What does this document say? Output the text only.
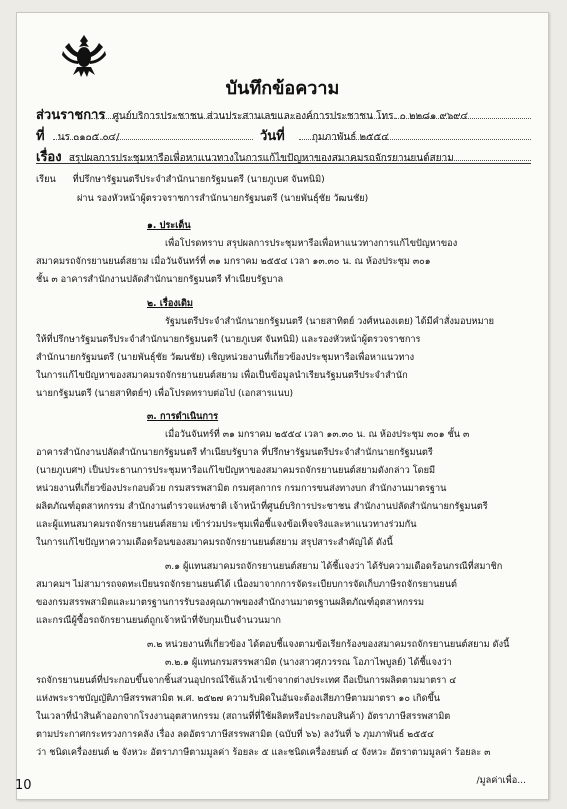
บันทึกข้อความ
ส่วนราชการ ศูนย์บริการประชาชน ส่วนประสานเลขและองค์การประชาชน โทร. ๐ ๒๒๘๑ ๙๖๙๔
ที่ นร ๐๑๐๕.๐๔/	วันที่	กุมภาพันธ์ ๒๕๕๔
เรื่อง สรุปผลการประชุมหารือเพื่อหาแนวทางในการแก้ไขปัญหาของสมาคมรถจักรยานยนต์สยาม
เรียน ที่ปรึกษารัฐมนตรีประจำสำนักนายกรัฐมนตรี (นายภูเบศ จันทนิมิ)
ผ่าน รองหัวหน้าผู้ตรวจราชการสำนักนายกรัฐมนตรี (นายพันธุ์ชัย วัฒนชัย)
๑. ประเด็น
เพื่อโปรดทราบ สรุปผลการประชุมหารือเพื่อหาแนวทางการแก้ไขปัญหาของ
สมาคมรถจักรยานยนต์สยาม เมื่อวันจันทร์ที่ ๓๑ มกราคม ๒๕๕๔ เวลา ๑๓.๓๐ น. ณ ห้องประชุม ๓๐๑
ชั้น ๓ อาคารสำนักงานปลัดสำนักนายกรัฐมนตรี ทำเนียบรัฐบาล
๒. เรื่องเดิม
รัฐมนตรีประจำสำนักนายกรัฐมนตรี (นายสาทิตย์ วงศ์หนองเตย) ได้มีคำสั่งมอบหมาย
ให้ที่ปรึกษารัฐมนตรีประจำสำนักนายกรัฐมนตรี (นายภูเบศ จันทนิมิ) และรองหัวหน้าผู้ตรวจราชการ
สำนักนายกรัฐมนตรี (นายพันธุ์ชัย วัฒนชัย) เชิญหน่วยงานที่เกี่ยวข้องประชุมหารือเพื่อหาแนวทาง
ในการแก้ไขปัญหาของสมาคมรถจักรยานยนต์สยาม เพื่อเป็นข้อมูลนำเรียนรัฐมนตรีประจำสำนัก
นายกรัฐมนตรี (นายสาทิตย์ฯ) เพื่อโปรดทราบต่อไป (เอกสารแนบ)
๓. การดำเนินการ
เมื่อวันจันทร์ที่ ๓๑ มกราคม ๒๕๕๔ เวลา ๑๓.๓๐ น. ณ ห้องประชุม ๓๐๑ ชั้น ๓
อาคารสำนักงานปลัดสำนักนายกรัฐมนตรี ทำเนียบรัฐบาล ที่ปรึกษารัฐมนตรีประจำสำนักนายกรัฐมนตรี
(นายภูเบศฯ) เป็นประธานการประชุมหารือแก้ไขปัญหาของสมาคมรถจักรยานยนต์สยามดังกล่าว โดยมี
หน่วยงานที่เกี่ยวข้องประกอบด้วย กรมสรรพสามิต กรมศุลกากร กรมการขนส่งทางบก สำนักงานมาตรฐาน
ผลิตภัณฑ์อุตสาหกรรม สำนักงานตำรวจแห่งชาติ เจ้าหน้าที่ศูนย์บริการประชาชน สำนักงานปลัดสำนักนายกรัฐมนตรี
และผู้แทนสมาคมรถจักรยานยนต์สยาม เข้าร่วมประชุมเพื่อชี้แจงข้อเท็จจริงและหาแนวทางร่วมกัน
ในการแก้ไขปัญหาความเดือดร้อนของสมาคมรถจักรยานยนต์สยาม สรุปสาระสำคัญได้ ดังนี้
๓.๑ ผู้แทนสมาคมรถจักรยานยนต์สยาม ได้ชี้แจงว่า ได้รับความเดือดร้อนกรณีที่สมาชิก
สมาคมฯ ไม่สามารถจดทะเบียนรถจักรยานยนต์ได้ เนื่องมาจากการจัดระเบียบการจัดเก็บภาษีรถจักรยานยนต์
ของกรมสรรพสามิตและมาตรฐานการรับรองคุณภาพของสำนักงานมาตรฐานผลิตภัณฑ์อุตสาหกรรม
และกรณีผู้ซื้อรถจักรยานยนต์ถูกเจ้าหน้าที่จับกุมเป็นจำนวนมาก
๓.๒ หน่วยงานที่เกี่ยวข้อง ได้ตอบชี้แจงตามข้อเรียกร้องของสมาคมรถจักรยานยนต์สยาม ดังนี้
๓.๒.๑ ผู้แทนกรมสรรพสามิต (นางสาวศุภวรรณ โอภาไพบูลย์) ได้ชี้แจงว่า
รถจักรยานยนต์ที่ประกอบขึ้นจากชิ้นส่วนอุปกรณ์ใช้แล้วนำเข้าจากต่างประเทศ ถือเป็นการผลิตตามมาตรา ๔
แห่งพระราชบัญญัติภาษีสรรพสามิต พ.ศ. ๒๕๒๗ ความรับผิดในอันจะต้องเสียภาษีตามมาตรา ๑๐ เกิดขึ้น
ในเวลาที่นำสินค้าออกจากโรงงานอุตสาหกรรม (สถานที่ที่ใช้ผลิตหรือประกอบสินค้า) อัตราภาษีสรรพสามิต
ตามประกาศกระทรวงการคลัง เรื่อง ลดอัตราภาษีสรรพสามิต (ฉบับที่ ๖๖) ลงวันที่ ๖ ภุมภาพันธ์ ๒๕๕๔
ว่า ชนิดเครื่องยนต์ ๒ จังหวะ อัตราภาษีตามมูลค่า ร้อยละ ๕ และชนิดเครื่องยนต์ ๔ จังหวะ อัตราตามมูลค่า ร้อยละ ๓
/มูลค่าเพื่อ...
10
